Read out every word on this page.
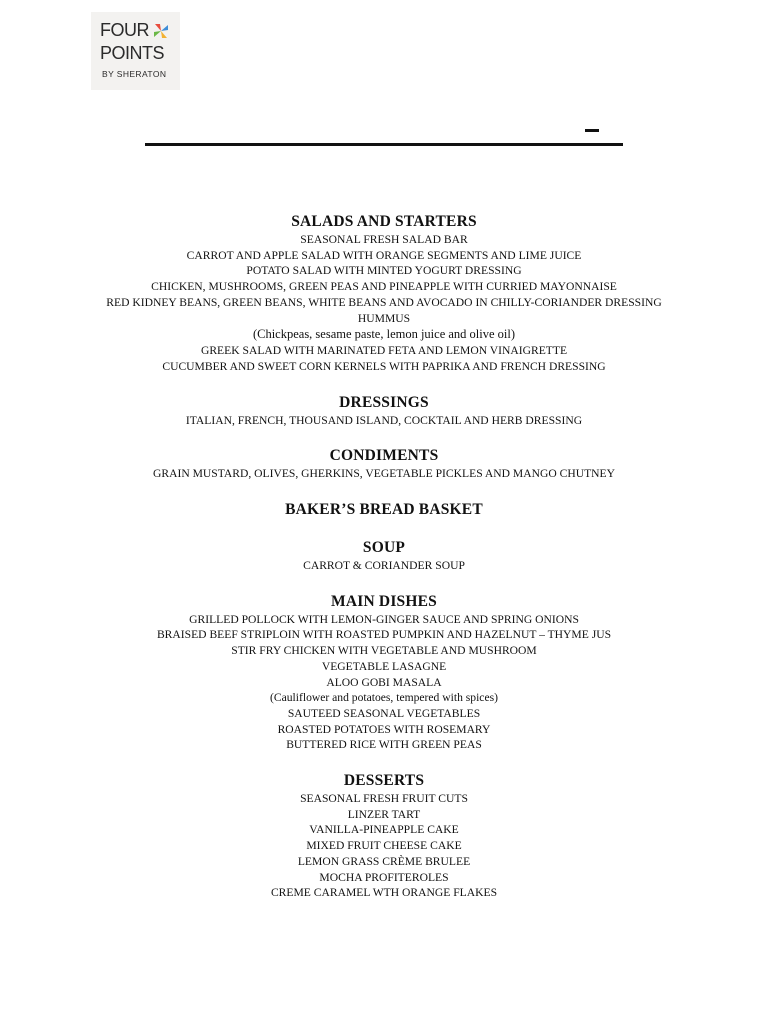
FOUR
POINTS
BY SHERATON

SALADS AND STARTERS

SEASONAL FRESH SALAD BAR

CARROT AND APPLE SALAD WITH ORANGE SEGMENTS AND LIME JUICE

POTATO SALAD WITH MINTED YOGURT DRESSING

CHICKEN, MUSHROOMS, GREEN PEAS AND PINEAPPLE WITH CURRIED MAYONNAISE

RED KIDNEY BEANS, GREEN BEANS, WHITE BEANS AND AVOCADO IN CHILLY-CORIANDER DRESSING

HUMMUS

(Chickpeas, sesame paste, lemon juice and olive oil)

GREEK SALAD WITH MARINATED FETA AND LEMON VINAIGRETTE

CUCUMBER AND SWEET CORN KERNELS WITH PAPRIKA AND FRENCH DRESSING

DRESSINGS

ITALIAN, FRENCH, THOUSAND ISLAND, COCKTAIL AND HERB DRESSING

CONDIMENTS

GRAIN MUSTARD, OLIVES, GHERKINS, VEGETABLE PICKLES AND MANGO CHUTNEY

BAKER’S BREAD BASKET

SOUP

CARROT & CORIANDER SOUP

MAIN DISHES

GRILLED POLLOCK WITH LEMON-GINGER SAUCE AND SPRING ONIONS

BRAISED BEEF STRIPLOIN WITH ROASTED PUMPKIN AND HAZELNUT – THYME JUS

STIR FRY CHICKEN WITH VEGETABLE AND MUSHROOM

VEGETABLE LASAGNE

ALOO GOBI MASALA

(Cauliflower and potatoes, tempered with spices)

SAUTEED SEASONAL VEGETABLES

ROASTED POTATOES WITH ROSEMARY

BUTTERED RICE WITH GREEN PEAS

DESSERTS

SEASONAL FRESH FRUIT CUTS

LINZER TART

VANILLA-PINEAPPLE CAKE

MIXED FRUIT CHEESE CAKE

LEMON GRASS CRÈME BRULEE

MOCHA PROFITEROLES

CREME CARAMEL WTH ORANGE FLAKES
